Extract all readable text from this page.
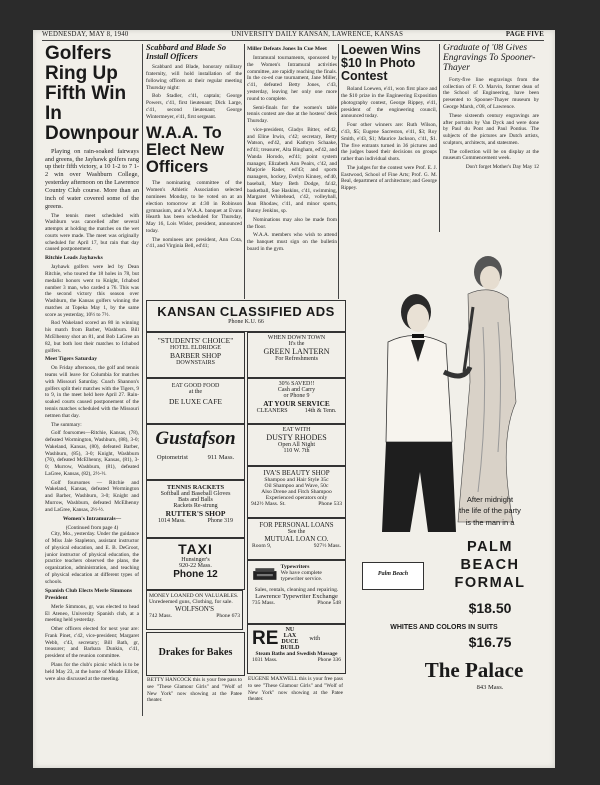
WEDNESDAY, MAY 8, 1940	UNIVERSITY DAILY KANSAN, LAWRENCE, KANSAS	PAGE FIVE
Golfers Ring Up Fifth Win In Downpour

Playing on rain-soaked fairways and greens, the Jayhawk golfers rang up their fifth victory, a 10 1-2 to 7 1-2 win over Washburn College, yesterday afternoon on the Lawrence Country Club course. More than an inch of water covered some of the greens.

The tennis meet scheduled with Washburn was cancelled after several attempts at holding the matches on the wet courts were made. The meet was originally scheduled for April 17, but rain that day caused postponement.

Ritchie Leads Jayhawks

Jayhawk golfers were led by Dean Ritchie, who toured the 18 holes in 78, but medalist honors went to Knight, Ichabod number 3 man, who carded a 76. This was the second victory this season over Washburn, the Kansas golfers winning the matches at Topeka May 1, by the same score as yesterday, 10½ to 7½.

Rod Wakeland scored an 80 in winning his match from Barber, Washburn. Bill McElhenny shot an 81, and Bob LaGree an 82, but both lost their matches to Ichabod golfers.

Meet Tigers Saturday

On Friday afternoon, the golf and tennis teams will leave for Columbia for matches with Missouri Saturday. Coach Shannon's golfers split their matches with the Tigers, 9 to 9, in the meet held here April 27. Rain-soaked courts caused postponement of the tennis matches scheduled with the Missouri netmen that day.

The summary:

Golf foursomes—Ritchie, Kansas, (78), defeated Wormington, Washburn, (88), 3-0; Wakeland, Kansas, (80), defeated Barber, Washburn, (85), 3-0; Knight, Washburn (76), defeated McElhenny, Kansas, (81), 3-0; Murrow, Washburn, (81), defeated LaGree, Kansas, (82), 2½-½.

Golf foursomes — Ritchie and Wakeland, Kansas, defeated Wormington and Barber, Washburn, 3-0; Knight and Murrow, Washburn, defeated McElhenny and LaGree, Kansas, 2½-½.

Women's Intramurals—
(Continued from page 4)

City, Mo., yesterday. Under the guidance of Miss Jale Stapleton, assistant instructor of physical education, and E. B. DeGroot, junior instructor of physical education, the practice teachers observed the plans, the organization, administration, and teaching of physical education at different types of schools.

Spanish Club Elects Merle Simmons President

Merle Simmons, gr, was elected to head El Ateneo, University Spanish club, at a meeting held yesterday.

Other officers elected for next year are: Frank Pinet, c'42, vice-president; Margaret Webb, c'43, secretary; Bill Bath, gr, treasurer; and Barbara Dunkin, c'41, president of the reunion committee.

Plans for the club's picnic which is to be held May 23, at the home of Meade Elliott, were also discussed at the meeting.

Scabbard and Blade So Install Officers

Scabbard and Blade, honorary military fraternity, will hold installation of the following officers at their regular meeting Thursday night:

Bob Stadler, c'41, captain; George Powers, c'41, first lieutenant; Dick Large, c'41, second lieutenant; George Wintermeyer, e'41, first sergeant.

W.A.A. To Elect New Officers

The nominating committee of the Women's Athletic Association selected nominees Monday, to be voted on at an election tomorrow at 4:30 in Robinson gymnasium, and a W.A.A. banquet at Evans Hearth has been scheduled for Thursday, May 16, Lois Wisler, president, announced today.

The nominees are: president, Ann Cota, c'41, and Virginia Bell, ed'41;

Miller Defeats Jones In Cue Meet

Intramural tournaments, sponsored by the Women's Intramural activities committee, are rapidly reaching the finals. In the co-ed cue tournament, Jane Miller, c'41, defeated Betty Jones, c'43, yesterday, leaving her only one more round to complete.

Semi-finals for the women's table tennis contest are due at the hostess' desk Thursday.

vice-president, Gladys Bitter, ed'42, and Eline Irwin, c'42; secretary, Betty Watson, ed'42, and Kathryn Schaake, ed'41; treasurer, Alta Bingham, ed'42, and Wanda Horodo, ed'41; point system manager, Elizabeth Ann Peairs, c'42, and Marjorie Rader, ed'43; and sports managers, hockey, Evelyn Kinney, ed'40, baseball, Mary Beth Dodge, fa'42, basketball, Sue Haskins, c'41, swimming, Margaret Whitehead, c'42, volleyball, Jean Rhodaw, c'41, and minor sports, Bunny Jenkins, sp.

Nominations may also be made from the floor.

W.A.A. members who wish to attend the banquet must sign on the bulletin board in the gym.

Loewen Wins $10 In Photo Contest

Roland Loewen, e'41, won first place and the $10 prize in the Engineering Exposition photography contest, George Rippey, e'41, president of the engineering council, announced today.

Four other winners are: Ruth Wilson, c'43, $5; Eugene Sacreston, e'41, $3; Roy Smith, e'43, $1; Maurice Jackson, c'41, $1. The five entrants turned in 36 pictures and the judges based their decisions on groups rather than individual shots.

The judges for the contest were Prof. E. J. Eastwood, School of Fine Arts; Prof. G. M. Beal, department of architecture; and George Rippey.

Graduate of '08 Gives Engravings To Spooner-Thayer

Forty-five line engravings from the collection of F. O. Marvin, former dean of the School of Engineering, have been presented to Spooner-Thayer museum by George Marsh, c'08, of Lawrence.

These sixteenth century engravings are after portraits by Van Dyck and were done by Paul du Pont and Paul Pontius. The subjects of the pictures are Dutch artists, sculptors, architects, and statesmen.

The collection will be on display at the museum Commencement week.

Don't forget Mother's Day May 12

KANSAN CLASSIFIED ADS
Phone K.U. 66
"STUDENTS' CHOICE"
HOTEL ELDRIDGE
BARBER SHOP
DOWNSTAIRS
EAT GOOD FOOD
at the
DE LUXE CAFE
Gustafson
Optometrist	911 Mass.
TENNIS RACKETS
Softball and Baseball Gloves
Bats and Balls
Rackets Re-strung
RUTTER'S SHOP
1014 Mass.	Phone 319
TAXI
Hunsinger's
920-22 Mass.
Phone 12
MONEY LOANED ON VALUABLES. Unredeemed guns, Clothing, for sale.
WOLFSON'S
742 Mass.	Phone 673
Drakes for Bakes

BETTY HANCOCK this is your free pass to see "These Glamour Girls" and "Wolf of New York" now showing at the Patee theater.

WHEN DOWN TOWN
It's the
GREEN LANTERN
For Refreshments
30% SAVED!!
Cash and Carry
or Phone 9
AT YOUR SERVICE
CLEANERS	14th & Tenn.
EAT WITH
DUSTY RHODES
Open All Night
110 W. 7th
IVA'S BEAUTY SHOP
Shampoo and Hair Style 35c
Oil Shampoo and Wave, 50c
Also Drene and Fitch Shampoo
Experienced operators only
942½ Mass. St.	Phone 533
FOR PERSONAL LOANS
See the
MUTUAL LOAN CO.
Room 9,	927½ Mass.
Typewriters
We have complete typewriter service.
Sales, rentals, cleaning and repairing.
Lawrence Typewriter Exchange
735 Mass.	Phone 548
RE	NU
LAX
DUCE
BUILD
with
Steam Baths and Swedish Massage
1031 Mass.	Phone 336

EUGENE MAXWELL this is your free pass to see "These Glamour Girls" and "Wolf of New York" now showing at the Patee theater.

Palm Beach
After midnight
the life of the party
is the man in a
PALM
BEACH
FORMAL
$18.50
WHITES AND COLORS IN SUITS
$16.75
The Palace
843 Mass.
